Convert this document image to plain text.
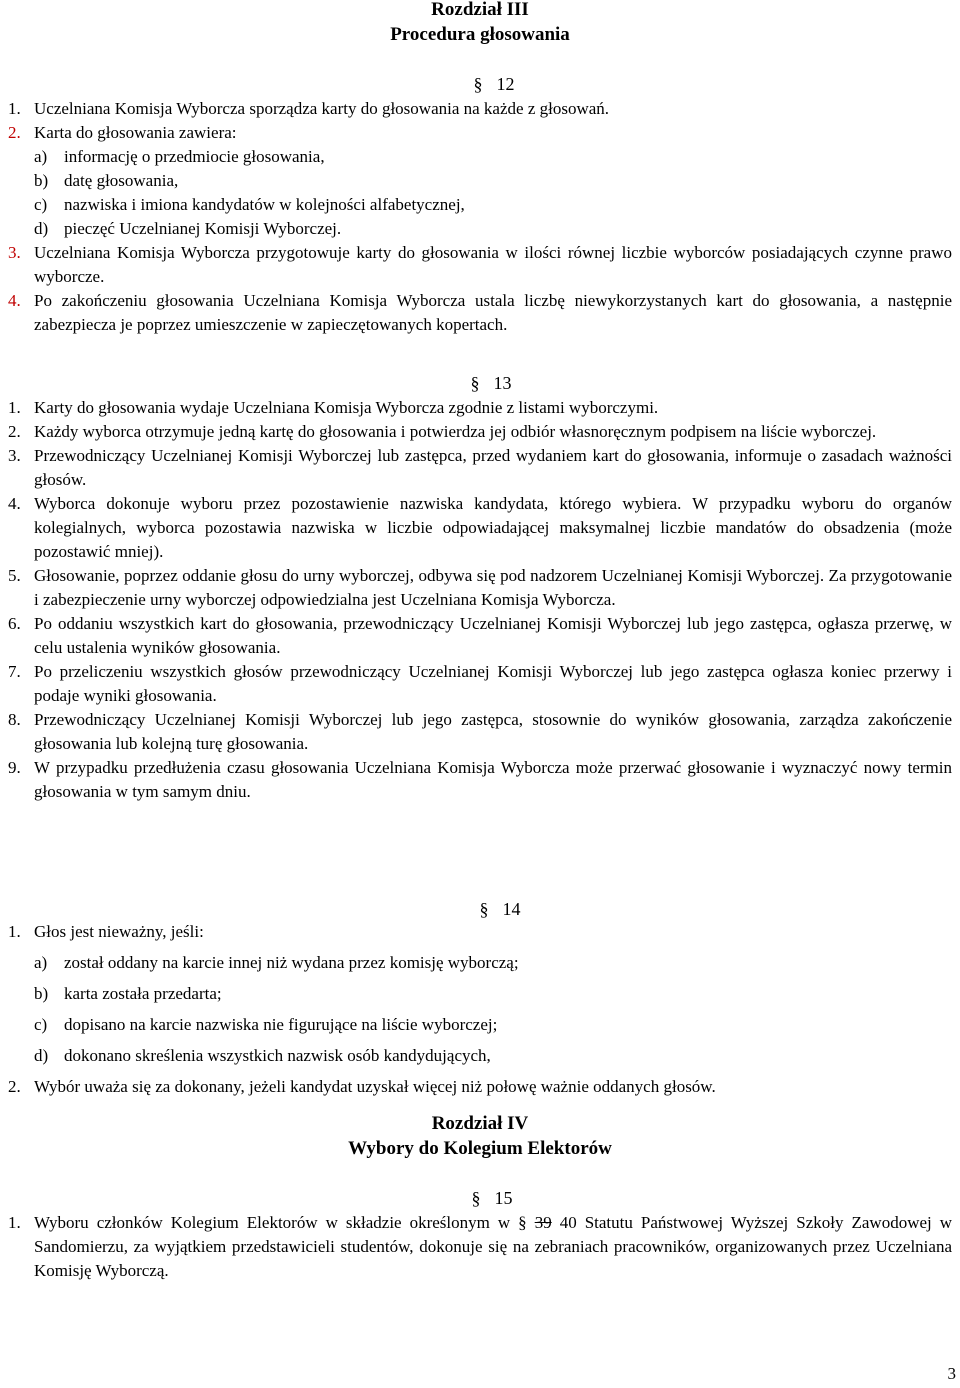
Rozdział III
Procedura głosowania
§ 12
1. Uczelniana Komisja Wyborcza sporządza karty do głosowania na każde z głosowań.
2. Karta do głosowania zawiera:
a) informację o przedmiocie głosowania,
b) datę głosowania,
c) nazwiska i imiona kandydatów w kolejności alfabetycznej,
d) pieczęć Uczelnianej Komisji Wyborczej.
3. Uczelniana Komisja Wyborcza przygotowuje karty do głosowania w ilości równej liczbie wyborców posiadających czynne prawo wyborcze.
4. Po zakończeniu głosowania Uczelniana Komisja Wyborcza ustala liczbę niewykorzystanych kart do głosowania, a następnie zabezpiecza je poprzez umieszczenie w zapieczętowanych kopertach.
§ 13
1. Karty do głosowania wydaje Uczelniana Komisja Wyborcza zgodnie z listami wyborczymi.
2. Każdy wyborca otrzymuje jedną kartę do głosowania i potwierdza jej odbiór własnoręcznym podpisem na liście wyborczej.
3. Przewodniczący Uczelnianej Komisji Wyborczej lub zastępca, przed wydaniem kart do głosowania, informuje o zasadach ważności głosów.
4. Wyborca dokonuje wyboru przez pozostawienie nazwiska kandydata, którego wybiera. W przypadku wyboru do organów kolegialnych, wyborca pozostawia nazwiska w liczbie odpowiadającej maksymalnej liczbie mandatów do obsadzenia (może pozostawić mniej).
5. Głosowanie, poprzez oddanie głosu do urny wyborczej, odbywa się pod nadzorem Uczelnianej Komisji Wyborczej. Za przygotowanie i zabezpieczenie urny wyborczej odpowiedzialna jest Uczelniana Komisja Wyborcza.
6. Po oddaniu wszystkich kart do głosowania, przewodniczący Uczelnianej Komisji Wyborczej lub jego zastępca, ogłasza przerwę, w celu ustalenia wyników głosowania.
7. Po przeliczeniu wszystkich głosów przewodniczący Uczelnianej Komisji Wyborczej lub jego zastępca ogłasza koniec przerwy i podaje wyniki głosowania.
8. Przewodniczący Uczelnianej Komisji Wyborczej lub jego zastępca, stosownie do wyników głosowania, zarządza zakończenie głosowania lub kolejną turę głosowania.
9. W przypadku przedłużenia czasu głosowania Uczelniana Komisja Wyborcza może przerwać głosowanie i wyznaczyć nowy termin głosowania w tym samym dniu.
§ 14
1. Głos jest nieważny, jeśli:
a) został oddany na karcie innej niż wydana przez komisję wyborczą;
b) karta została przedarta;
c) dopisano na karcie nazwiska nie figurujące na liście wyborczej;
d) dokonano skreślenia wszystkich nazwisk osób kandydujących,
2. Wybór uważa się za dokonany, jeżeli kandydat uzyskał więcej niż połowę ważnie oddanych głosów.
Rozdział IV
Wybory do Kolegium Elektorów
§ 15
1. Wyboru członków Kolegium Elektorów w składzie określonym w § 39 40 Statutu Państwowej Wyższej Szkoły Zawodowej w Sandomierzu, za wyjątkiem przedstawicieli studentów, dokonuje się na zebraniach pracowników, organizowanych przez Uczelniana Komisję Wyborczą.
3
